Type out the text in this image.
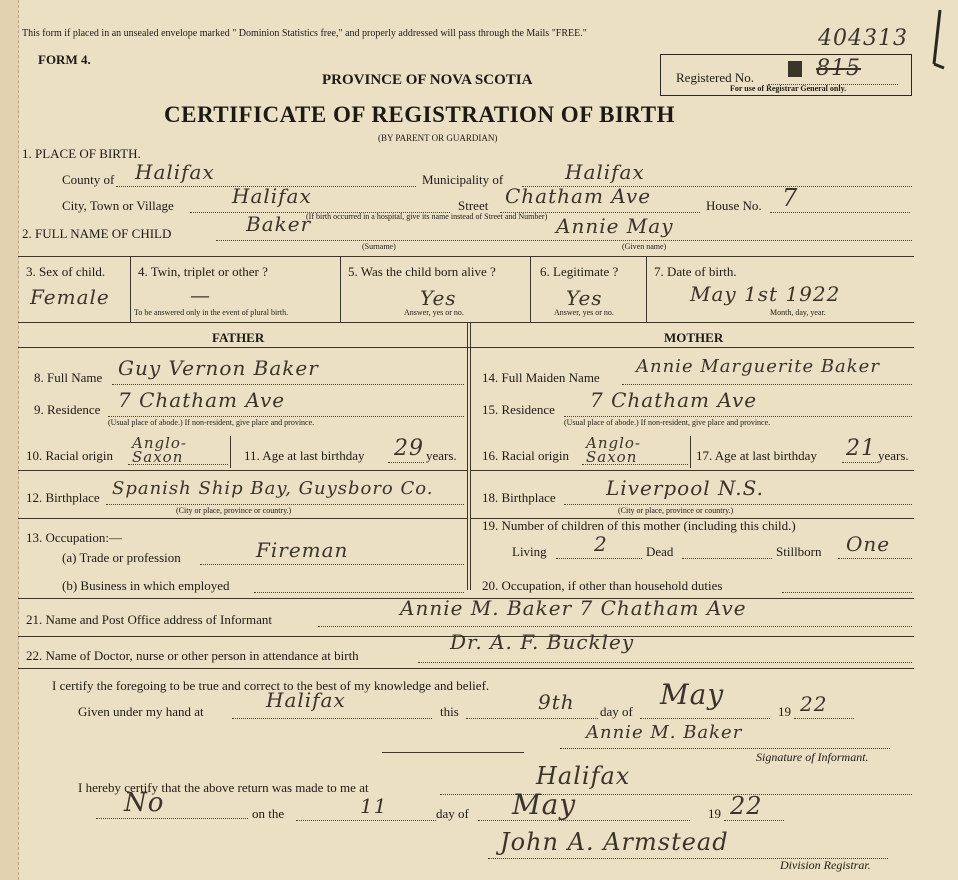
This form if placed in an unsealed envelope marked " Dominion Statistics free," and properly addressed will pass through the Mails "FREE."
FORM 4.
PROVINCE OF NOVA SCOTIA
CERTIFICATE OF REGISTRATION OF BIRTH
(BY PARENT OR GUARDIAN)
404313
Registered No.	815
For use of Registrar General only.
1. PLACE OF BIRTH.
County of Halifax	Municipality of	Halifax
City, Town or Village	Halifax	Street Chatham Ave	House No. 7
(If birth occurred in a hospital, give its name instead of Street and Number)
2. FULL NAME OF CHILD	Baker
(Surname)
Annie May
(Given name)
3. Sex of child.
Female
4. Twin, triplet or other ?
—
To be answered only in the event of plural birth.
5. Was the child born alive ?
Yes
Answer, yes or no.
6. Legitimate ?
Yes
Answer, yes or no.
7. Date of birth.
May 1st 1922
Month, day, year.
FATHER	MOTHER
8. Full Name Guy Vernon Baker
9. Residence 7 Chatham Ave
(Usual place of abode.) If non-resident, give place and province.
10. Racial origin
Anglo-Saxon	11. Age at last birthday 29 years.
12. Birthplace Spanish Ship Bay, Guysboro Co.
(City or place, province or country.)
13. Occupation:—
(a) Trade or profession	Fireman
(b) Business in which employed
14. Full Maiden Name
Annie Marguerite Baker
15. Residence 7 Chatham Ave
(Usual place of abode.) If non-resident, give place and province.
16. Racial origin
Anglo-Saxon	17. Age at last birthday 21 years.
18. Birthplace	Liverpool N.S.
(City or place, province or country.)
19. Number of children of this mother (including this child.)
Living 2	Dead	Stillborn One
20. Occupation, if other than household duties
21. Name and Post Office address of Informant	Annie M. Baker 7 Chatham Ave
22. Name of Doctor, nurse or other person in attendance at birth
Dr. A. F. Buckley
I certify the foregoing to be true and correct to the best of my knowledge and belief.
Given under my hand at	Halifax	this	9th day of
May
19 22
Annie M. Baker
Signature of Informant.
I hereby certify that the above return was made to me at	Halifax
No	on the	11	day of May	19 22
John A. Armstead
Division Registrar.
